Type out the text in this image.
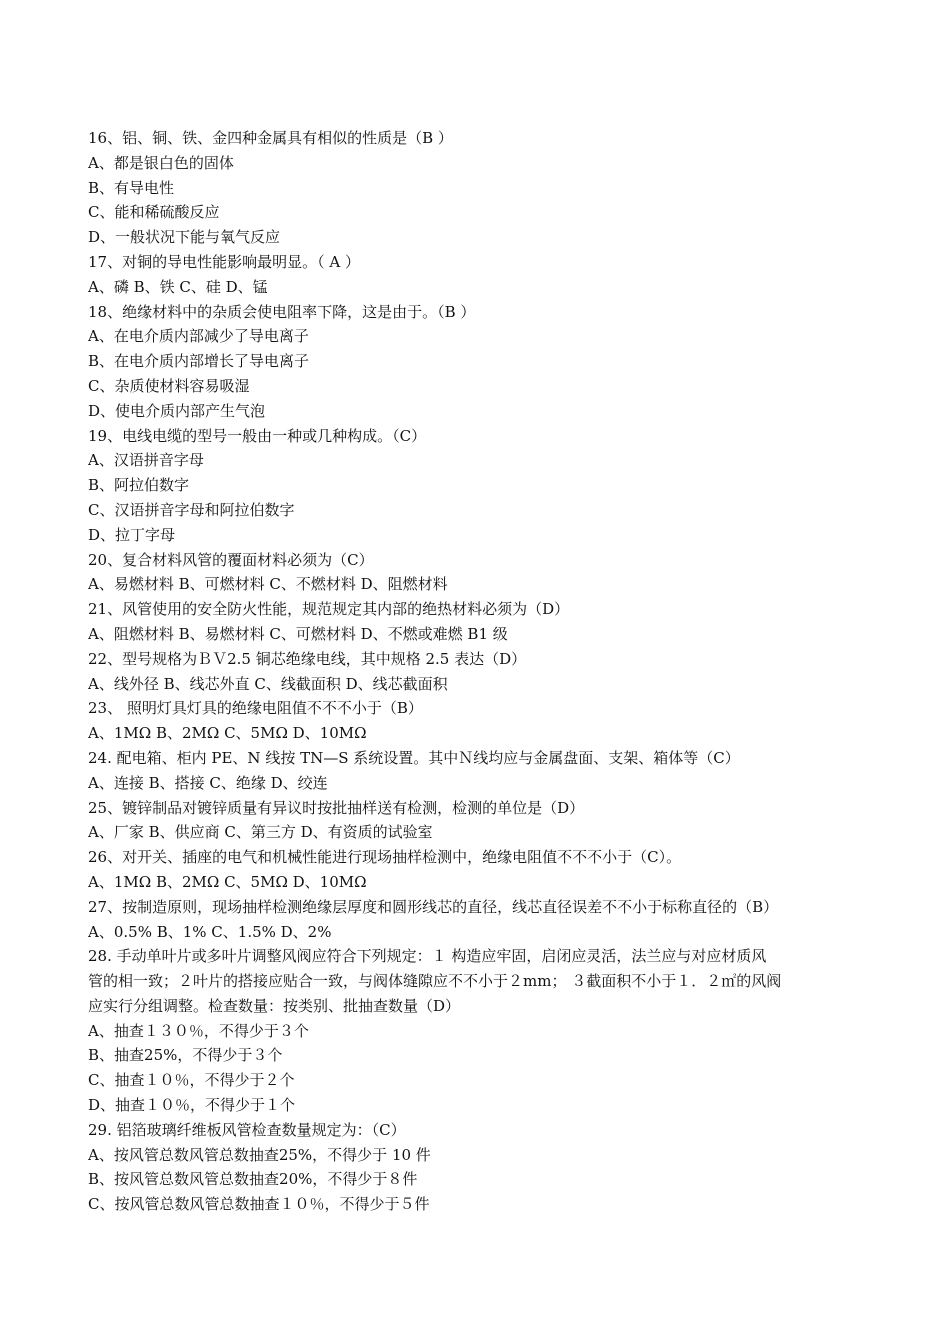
16、铝、铜、铁、金四种金属具有相似的性质是（B ）
A、都是银白色的固体
B、有导电性
C、能和稀硫酸反应
D、一般状况下能与氧气反应
17、对铜的导电性能影响最明显。（ A ）
A、磷 B、铁 C、硅 D、锰
18、绝缘材料中的杂质会使电阻率下降，这是由于。（B ）
A、在电介质内部减少了导电离子
B、在电介质内部增长了导电离子
C、杂质使材料容易吸湿
D、使电介质内部产生气泡
19、电线电缆的型号一般由一种或几种构成。（C）
A、汉语拼音字母
B、阿拉伯数字
C、汉语拼音字母和阿拉伯数字
D、拉丁字母
20、复合材料风管的覆面材料必须为（C）
A、易燃材料 B、可燃材料 C、不燃材料 D、阻燃材料
21、风管使用的安全防火性能，规范规定其内部的绝热材料必须为（D）
A、阻燃材料 B、易燃材料 C、可燃材料 D、不燃或难燃 B1 级
22、型号规格为ＢＶ2.5 铜芯绝缘电线，其中规格 2.5 表达（D）
A、线外径 B、线芯外直 C、线截面积 D、线芯截面积
23、 照明灯具灯具的绝缘电阻值不不不小于（B）
A、1MΩ B、2MΩ C、5MΩ D、10MΩ
24. 配电箱、柜内 PE、N 线按 TN—S 系统设置。其中Ｎ线均应与金属盘面、支架、箱体等（C）
A、连接 B、搭接 C、绝缘 D、绞连
25、镀锌制品对镀锌质量有异议时按批抽样送有检测，检测的单位是（D）
A、厂家 B、供应商 C、第三方 D、有资质的试验室
26、对开关、插座的电气和机械性能进行现场抽样检测中，绝缘电阻值不不不小于（C）。
A、1MΩ B、2MΩ C、5MΩ D、10MΩ
27、按制造原则，现场抽样检测绝缘层厚度和圆形线芯的直径，线芯直径误差不不小于标称直径的（B）
A、0.5% B、1% C、1.5% D、2%
28. 手动单叶片或多叶片调整风阀应符合下列规定：１ 构造应牢固，启闭应灵活，法兰应与对应材质风
管的相一致；２叶片的搭接应贴合一致，与阀体缝隙应不不小于２mm； ３截面积不小于１．２㎡的风阀
应实行分组调整。检查数量：按类别、批抽查数量（D）
A、抽查１３０％，不得少于３个
B、抽查25%，不得少于３个
C、抽查１０％，不得少于２个
D、抽查１０％，不得少于１个
29. 铝箔玻璃纤维板风管检查数量规定为：（C）
A、按风管总数风管总数抽查25%，不得少于 10 件
B、按风管总数风管总数抽查20%，不得少于８件
C、按风管总数风管总数抽查１０％，不得少于５件
